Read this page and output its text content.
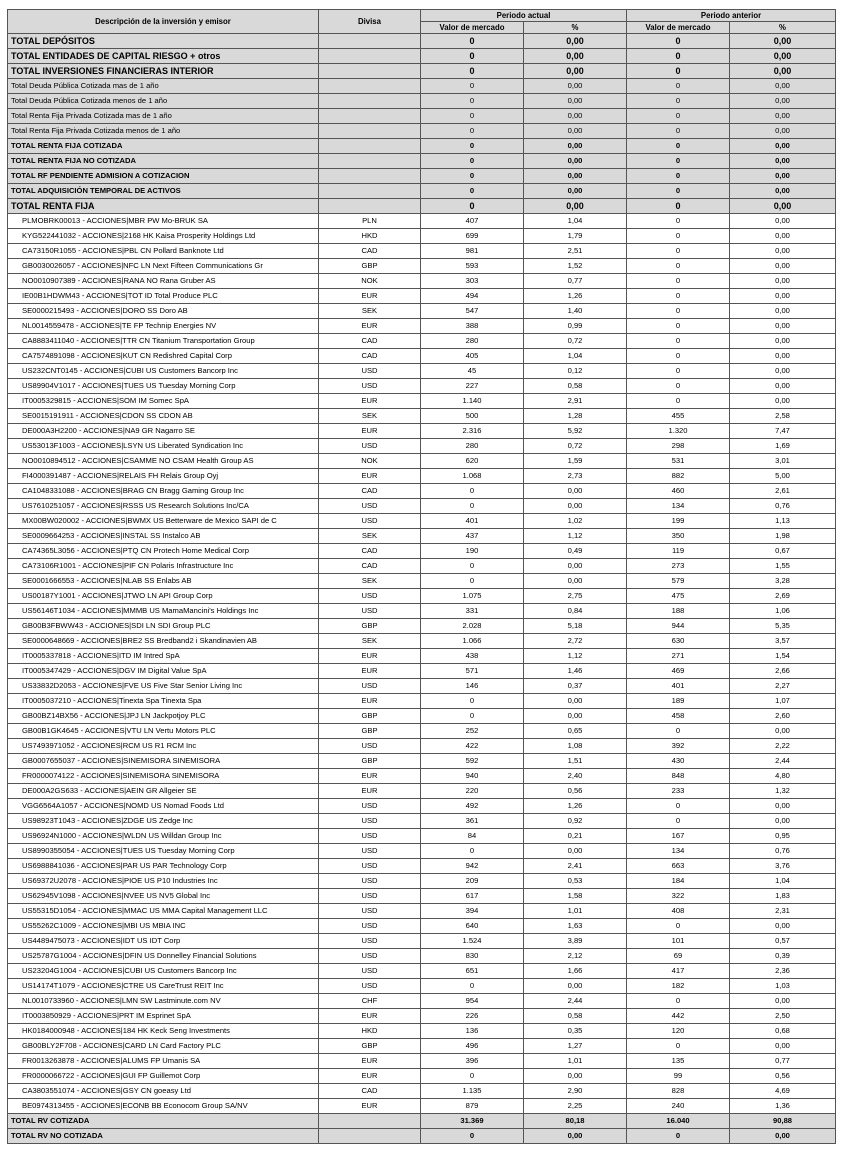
Descripción de la inversión y emisor	Divisa	Periodo actual		Periodo anterior	
		Valor de mercado	%	Valor de mercado	%
TOTAL DEPÓSITOS		0	0,00	0	0,00
TOTAL ENTIDADES DE CAPITAL RIESGO + otros		0	0,00	0	0,00
TOTAL INVERSIONES FINANCIERAS INTERIOR		0	0,00	0	0,00
Total Deuda Pública Cotizada mas de 1 año		0	0,00	0	0,00
Total Deuda Pública Cotizada menos de 1 año		0	0,00	0	0,00
Total Renta Fija Privada Cotizada mas de 1 año		0	0,00	0	0,00
Total Renta Fija Privada Cotizada menos de 1 año		0	0,00	0	0,00
TOTAL RENTA FIJA COTIZADA		0	0,00	0	0,00
TOTAL RENTA FIJA NO COTIZADA		0	0,00	0	0,00
TOTAL RF PENDIENTE ADMISION A COTIZACION		0	0,00	0	0,00
TOTAL ADQUISICIÓN TEMPORAL DE ACTIVOS		0	0,00	0	0,00
TOTAL RENTA FIJA		0	0,00	0	0,00
PLMOBRK00013 - ACCIONES|MBR PW Mo-BRUK SA	PLN	407	1,04	0	0,00
KYG522441032 - ACCIONES|2168 HK Kaisa Prosperity Holdings Ltd	HKD	699	1,79	0	0,00
CA73150R1055 - ACCIONES|PBL CN Pollard Banknote Ltd	CAD	981	2,51	0	0,00
GB0030026057 - ACCIONES|NFC LN Next Fifteen Communications Gr	GBP	593	1,52	0	0,00
NO0010907389 - ACCIONES|RANA NO Rana Gruber AS	NOK	303	0,77	0	0,00
IE00B1HDWM43 - ACCIONES|TOT ID Total Produce PLC	EUR	494	1,26	0	0,00
SE0000215493 - ACCIONES|DORO SS Doro AB	SEK	547	1,40	0	0,00
NL0014559478 - ACCIONES|TE FP Technip Energies NV	EUR	388	0,99	0	0,00
CA8883411040 - ACCIONES|TTR CN Titanium Transportation Group	CAD	280	0,72	0	0,00
CA7574891098 - ACCIONES|KUT CN Redishred Capital Corp	CAD	405	1,04	0	0,00
US232CNT0145 - ACCIONES|CUBI US Customers Bancorp Inc	USD	45	0,12	0	0,00
US89904V1017 - ACCIONES|TUES US Tuesday Morning Corp	USD	227	0,58	0	0,00
IT0005329815 - ACCIONES|SOM IM Somec SpA	EUR	1.140	2,91	0	0,00
SE0015191911 - ACCIONES|CDON SS CDON AB	SEK	500	1,28	455	2,58
DE000A3H2200 - ACCIONES|NA9 GR Nagarro SE	EUR	2.316	5,92	1.320	7,47
US53013F1003 - ACCIONES|LSYN US Liberated Syndication Inc	USD	280	0,72	298	1,69
NO0010894512 - ACCIONES|CSAMME NO CSAM Health Group AS	NOK	620	1,59	531	3,01
FI4000391487 - ACCIONES|RELAIS FH Relais Group Oyj	EUR	1.068	2,73	882	5,00
CA1048331088 - ACCIONES|BRAG CN Bragg Gaming Group Inc	CAD	0	0,00	460	2,61
US7610251057 - ACCIONES|RSSS US Research Solutions Inc/CA	USD	0	0,00	134	0,76
MX00BW020002 - ACCIONES|BWMX US Betterware de Mexico SAPI de C	USD	401	1,02	199	1,13
SE0009664253 - ACCIONES|INSTAL SS Instalco AB	SEK	437	1,12	350	1,98
CA74365L3056 - ACCIONES|PTQ CN Protech Home Medical Corp	CAD	190	0,49	119	0,67
CA73106R1001 - ACCIONES|PIF CN Polaris Infrastructure Inc	CAD	0	0,00	273	1,55
SE0001666553 - ACCIONES|NLAB SS Enlabs AB	SEK	0	0,00	579	3,28
US00187Y1001 - ACCIONES|JTWO LN API Group Corp	USD	1.075	2,75	475	2,69
US56146T1034 - ACCIONES|MMMB US MamaMancini's Holdings Inc	USD	331	0,84	188	1,06
GB00B3FBWW43 - ACCIONES|SDI LN SDI Group PLC	GBP	2.028	5,18	944	5,35
SE0000648669 - ACCIONES|BRE2 SS Bredband2 i Skandinavien AB	SEK	1.066	2,72	630	3,57
IT0005337818 - ACCIONES|ITD IM Intred SpA	EUR	438	1,12	271	1,54
IT0005347429 - ACCIONES|DGV IM Digital Value SpA	EUR	571	1,46	469	2,66
US33832D2053 - ACCIONES|FVE US Five Star Senior Living Inc	USD	146	0,37	401	2,27
IT0005037210 - ACCIONES|Tinexta Spa Tinexta Spa	EUR	0	0,00	189	1,07
GB00BZ14BX56 - ACCIONES|JPJ LN Jackpotjoy PLC	GBP	0	0,00	458	2,60
GB00B1GK4645 - ACCIONES|VTU LN Vertu Motors PLC	GBP	252	0,65	0	0,00
US7493971052 - ACCIONES|RCM US R1 RCM Inc	USD	422	1,08	392	2,22
GB0007655037 - ACCIONES|SINEMISORA SINEMISORA	GBP	592	1,51	430	2,44
FR0000074122 - ACCIONES|SINEMISORA SINEMISORA	EUR	940	2,40	848	4,80
DE000A2GS633 - ACCIONES|AEIN GR Allgeier SE	EUR	220	0,56	233	1,32
VGG6564A1057 - ACCIONES|NOMD US Nomad Foods Ltd	USD	492	1,26	0	0,00
US98923T1043 - ACCIONES|ZDGE US Zedge Inc	USD	361	0,92	0	0,00
US96924N1000 - ACCIONES|WLDN US Willdan Group Inc	USD	84	0,21	167	0,95
US8990355054 - ACCIONES|TUES US Tuesday Morning Corp	USD	0	0,00	134	0,76
US6988841036 - ACCIONES|PAR US PAR Technology Corp	USD	942	2,41	663	3,76
US69372U2078 - ACCIONES|PIOE US P10 Industries Inc	USD	209	0,53	184	1,04
US62945V1098 - ACCIONES|NVEE US NV5 Global Inc	USD	617	1,58	322	1,83
US55315D1054 - ACCIONES|MMAC US MMA Capital Management LLC	USD	394	1,01	408	2,31
US55262C1009 - ACCIONES|MBI US MBIA INC	USD	640	1,63	0	0,00
US4489475073 - ACCIONES|IDT US IDT Corp	USD	1.524	3,89	101	0,57
US25787G1004 - ACCIONES|DFIN US Donnelley Financial Solutions	USD	830	2,12	69	0,39
US23204G1004 - ACCIONES|CUBI US Customers Bancorp Inc	USD	651	1,66	417	2,36
US14174T1079 - ACCIONES|CTRE US CareTrust REIT Inc	USD	0	0,00	182	1,03
NL0010733960 - ACCIONES|LMN SW Lastminute.com NV	CHF	954	2,44	0	0,00
IT0003850929 - ACCIONES|PRT IM Esprinet SpA	EUR	226	0,58	442	2,50
HK0184000948 - ACCIONES|184 HK Keck Seng Investments	HKD	136	0,35	120	0,68
GB00BLY2F708 - ACCIONES|CARD LN Card Factory PLC	GBP	496	1,27	0	0,00
FR0013263878 - ACCIONES|ALUMS FP Umanis SA	EUR	396	1,01	135	0,77
FR0000066722 - ACCIONES|GUI FP Guillemot Corp	EUR	0	0,00	99	0,56
CA3803551074 - ACCIONES|GSY CN goeasy Ltd	CAD	1.135	2,90	828	4,69
BE0974313455 - ACCIONES|ECONB BB Econocom Group SA/NV	EUR	879	2,25	240	1,36
TOTAL RV COTIZADA		31.369	80,18	16.040	90,88
TOTAL RV NO COTIZADA		0	0,00	0	0,00
